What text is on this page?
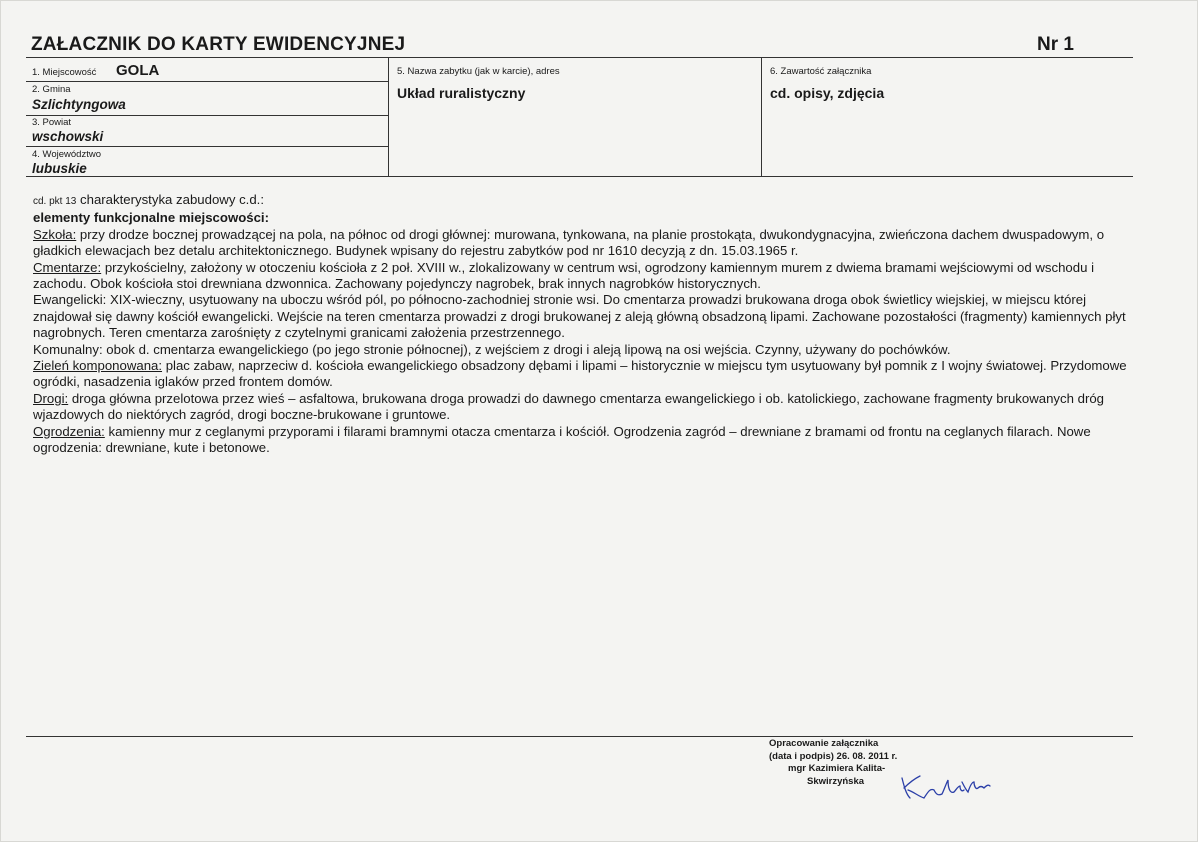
ZAŁACZNIK DO KARTY EWIDENCYJNEJ	Nr 1
1. Miejscowość GOLA
2. Gmina
Szlichtyngowa
3. Powiat
wschowski
4. Województwo
lubuskie
5. Nazwa zabytku (jak w karcie), adres
Układ ruralistyczny
6. Zawartość załącznika
cd. opisy, zdjęcia

cd. pkt 13 charakterystyka zabudowy c.d.:

elementy funkcjonalne miejscowości:

Szkoła: przy drodze bocznej prowadzącej na pola, na północ od drogi głównej: murowana, tynkowana, na planie prostokąta, dwukondygnacyjna, zwieńczona dachem dwuspadowym, o gładkich elewacjach bez detalu architektonicznego. Budynek wpisany do rejestru zabytków pod nr 1610 decyzją z dn. 15.03.1965 r.

Cmentarze: przykościelny, założony w otoczeniu kościoła z 2 poł. XVIII w., zlokalizowany w centrum wsi, ogrodzony kamiennym murem z dwiema bramami wejściowymi od wschodu i zachodu. Obok kościoła stoi drewniana dzwonnica. Zachowany pojedynczy nagrobek, brak innych nagrobków historycznych.

Ewangelicki: XIX-wieczny, usytuowany na uboczu wśród pól, po północno-zachodniej stronie wsi. Do cmentarza prowadzi brukowana droga obok świetlicy wiejskiej, w miejscu której znajdował się dawny kościół ewangelicki. Wejście na teren cmentarza prowadzi z drogi brukowanej z aleją główną obsadzoną lipami. Zachowane pozostałości (fragmenty) kamiennych płyt nagrobnych. Teren cmentarza zarośnięty z czytelnymi granicami założenia przestrzennego.

Komunalny: obok d. cmentarza ewangelickiego (po jego stronie północnej), z wejściem z drogi i aleją lipową na osi wejścia. Czynny, używany do pochówków.

Zieleń komponowana: plac zabaw, naprzeciw d. kościoła ewangelickiego obsadzony dębami i lipami – historycznie w miejscu tym usytuowany był pomnik z I wojny światowej. Przydomowe ogródki, nasadzenia iglaków przed frontem domów.

Drogi: droga główna przelotowa przez wieś – asfaltowa, brukowana droga prowadzi do dawnego cmentarza ewangelickiego i ob. katolickiego, zachowane fragmenty brukowanych dróg wjazdowych do niektórych zagród, drogi boczne-brukowane i gruntowe.

Ogrodzenia: kamienny mur z ceglanymi przyporami i filarami bramnymi otacza cmentarza i kościół. Ogrodzenia zagród – drewniane z bramami od frontu na ceglanych filarach. Nowe ogrodzenia: drewniane, kute i betonowe.

Opracowanie załącznika
(data i podpis) 26. 08. 2011 r.
mgr Kazimiera Kalita-
Skwirzyńska
